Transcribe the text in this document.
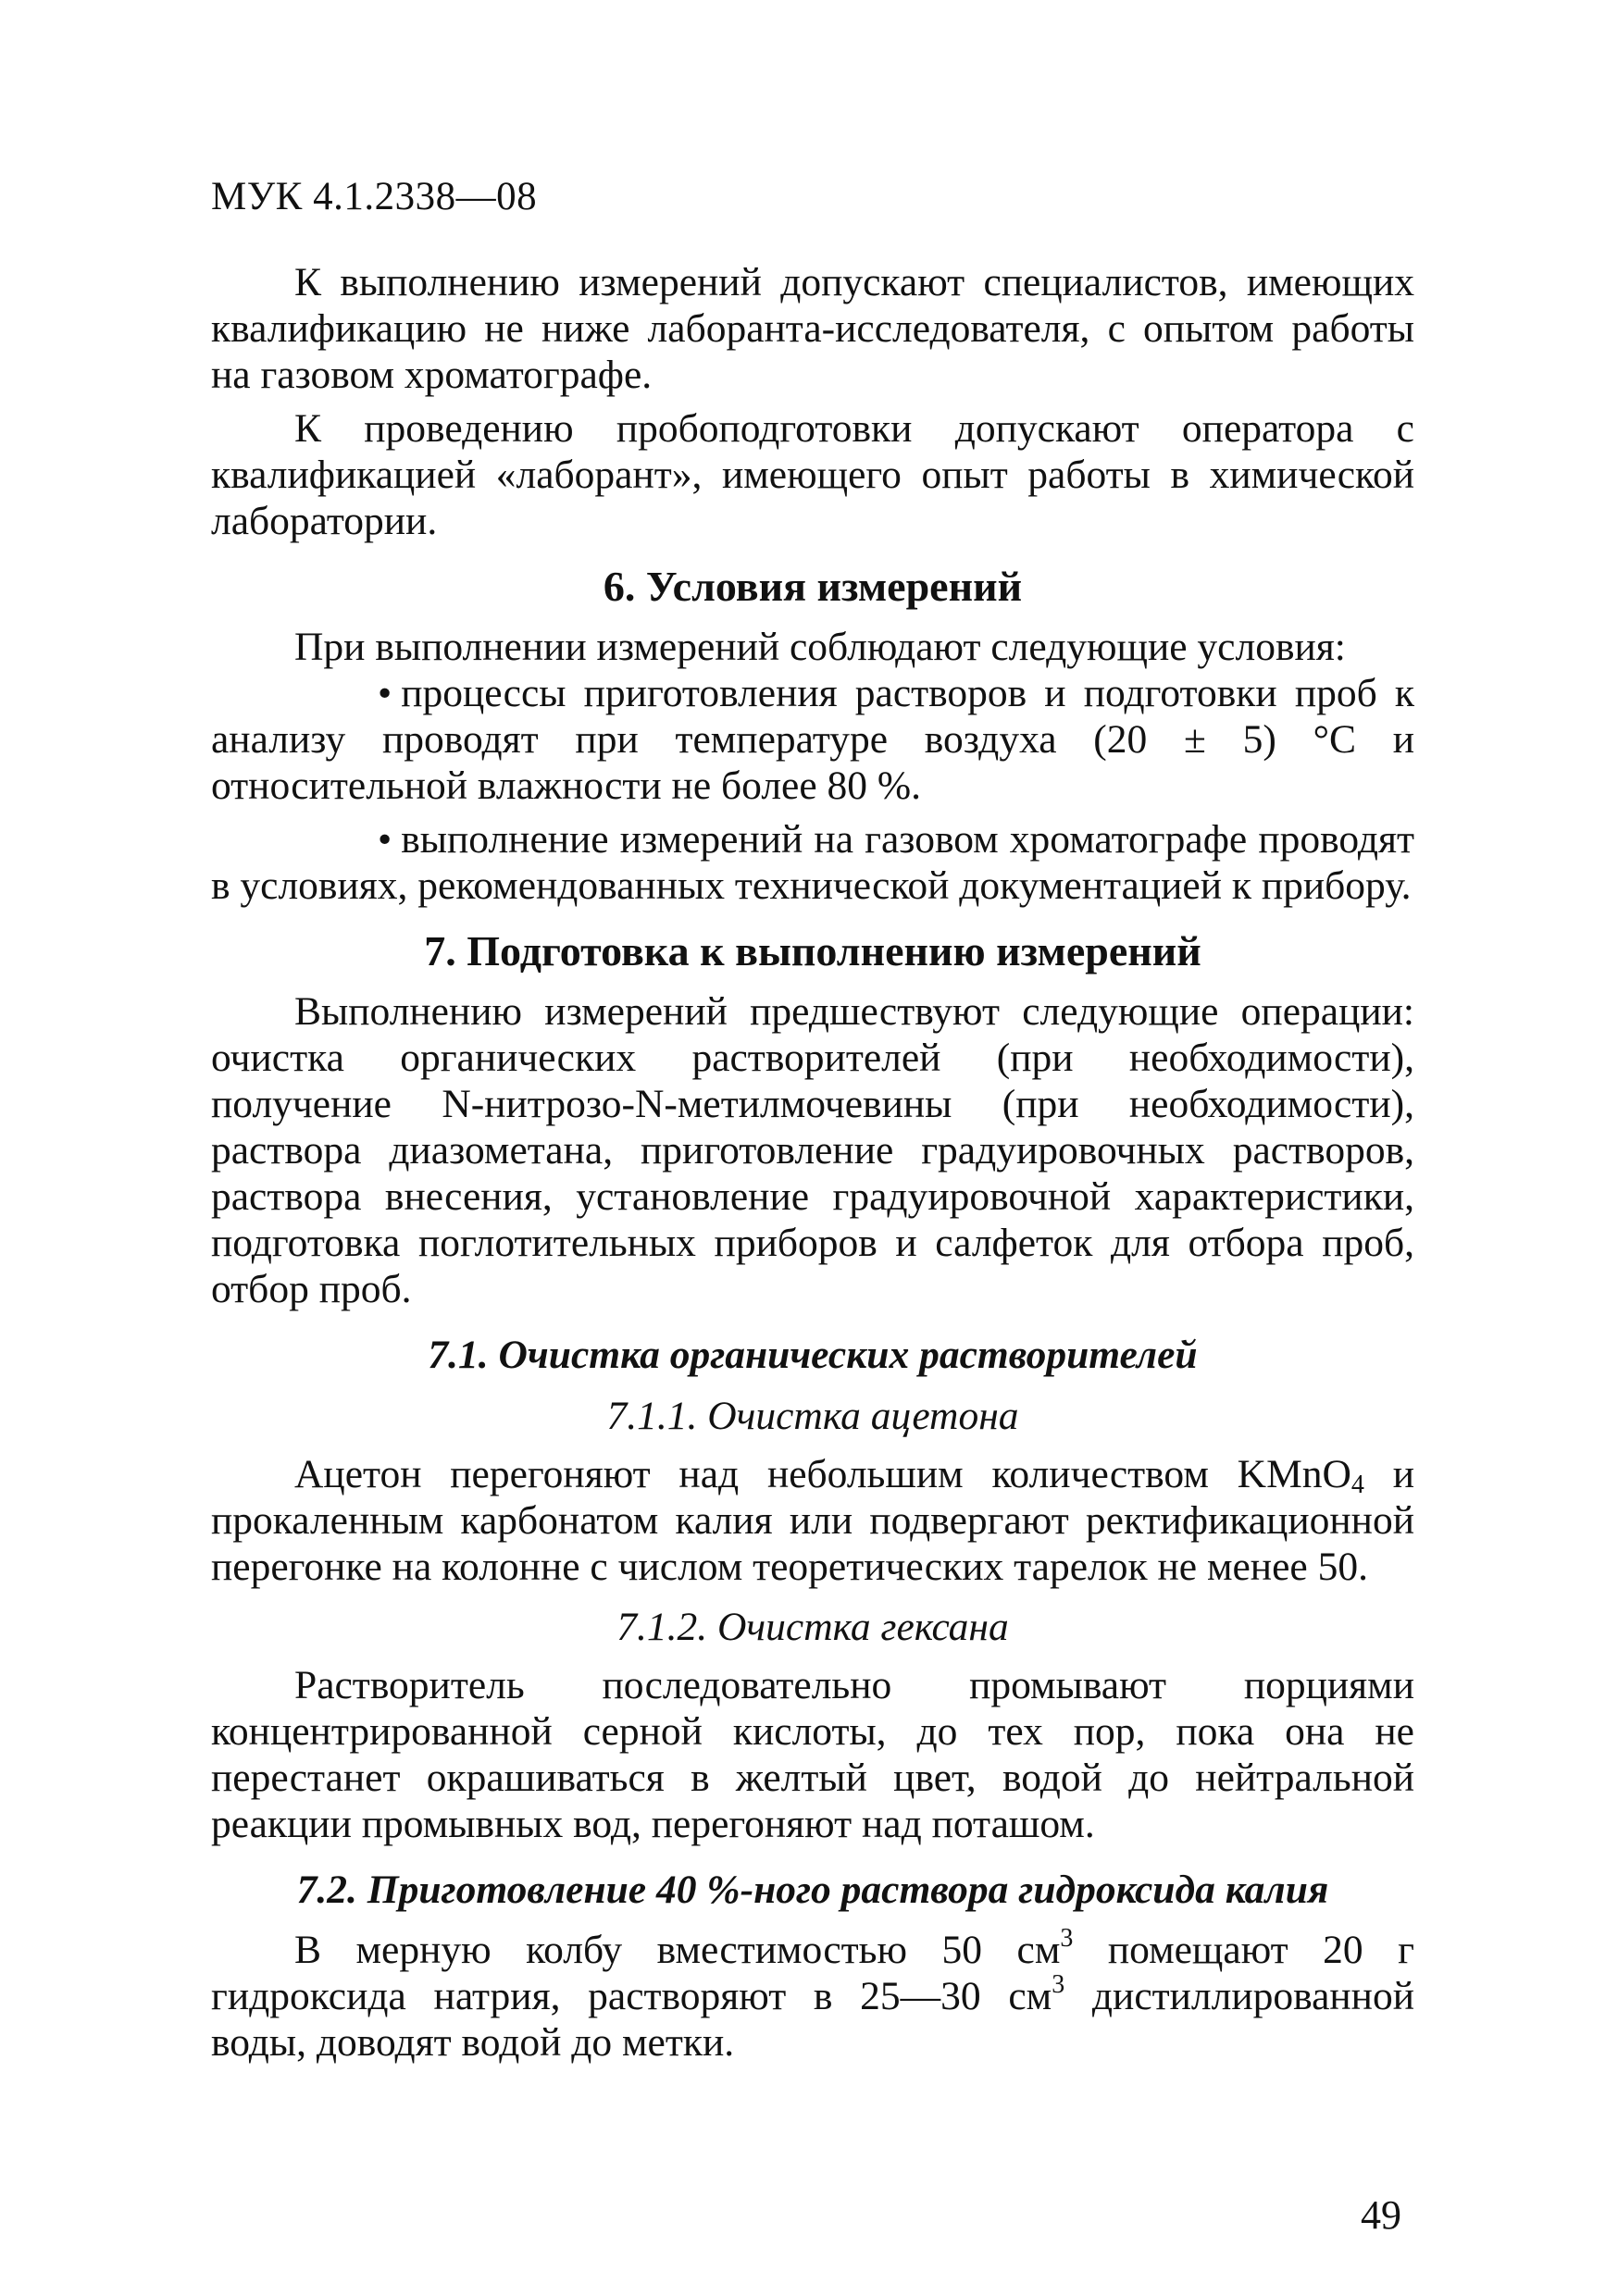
МУК 4.1.2338—08

К выполнению измерений допускают специалистов, имеющих квалификацию не ниже лаборанта-исследователя, с опытом работы на газовом хроматографе.

К проведению пробоподготовки допускают оператора с квалификацией «лаборант», имеющего опыт работы в химической лаборатории.

6. Условия измерений

При выполнении измерений соблюдают следующие условия:

• процессы приготовления растворов и подготовки проб к анализу проводят при температуре воздуха (20 ± 5) °С и относительной влажности не более 80 %.

• выполнение измерений на газовом хроматографе проводят в условиях, рекомендованных технической документацией к прибору.

7. Подготовка к выполнению измерений

Выполнению измерений предшествуют следующие операции: очистка органических растворителей (при необходимости), получение N-нитрозо-N-метилмочевины (при необходимости), раствора диазометана, приготовление градуировочных растворов, раствора внесения, установление градуировочной характеристики, подготовка поглотительных приборов и салфеток для отбора проб, отбор проб.

7.1. Очистка органических растворителей
7.1.1. Очистка ацетона

Ацетон перегоняют над небольшим количеством KMnO$_4$ и прокаленным карбонатом калия или подвергают ректификационной перегонке на колонне с числом теоретических тарелок не менее 50.

7.1.2. Очистка гексана

Растворитель последовательно промывают порциями концентрированной серной кислоты, до тех пор, пока она не перестанет окрашиваться в желтый цвет, водой до нейтральной реакции промывных вод, перегоняют над поташом.

7.2. Приготовление 40 %-ного раствора гидроксида калия

В мерную колбу вместимостью 50 $см^3$ помещают 20 г гидроксида натрия, растворяют в 25—30 $см^3$ дистиллированной воды, доводят водой до метки.

49
